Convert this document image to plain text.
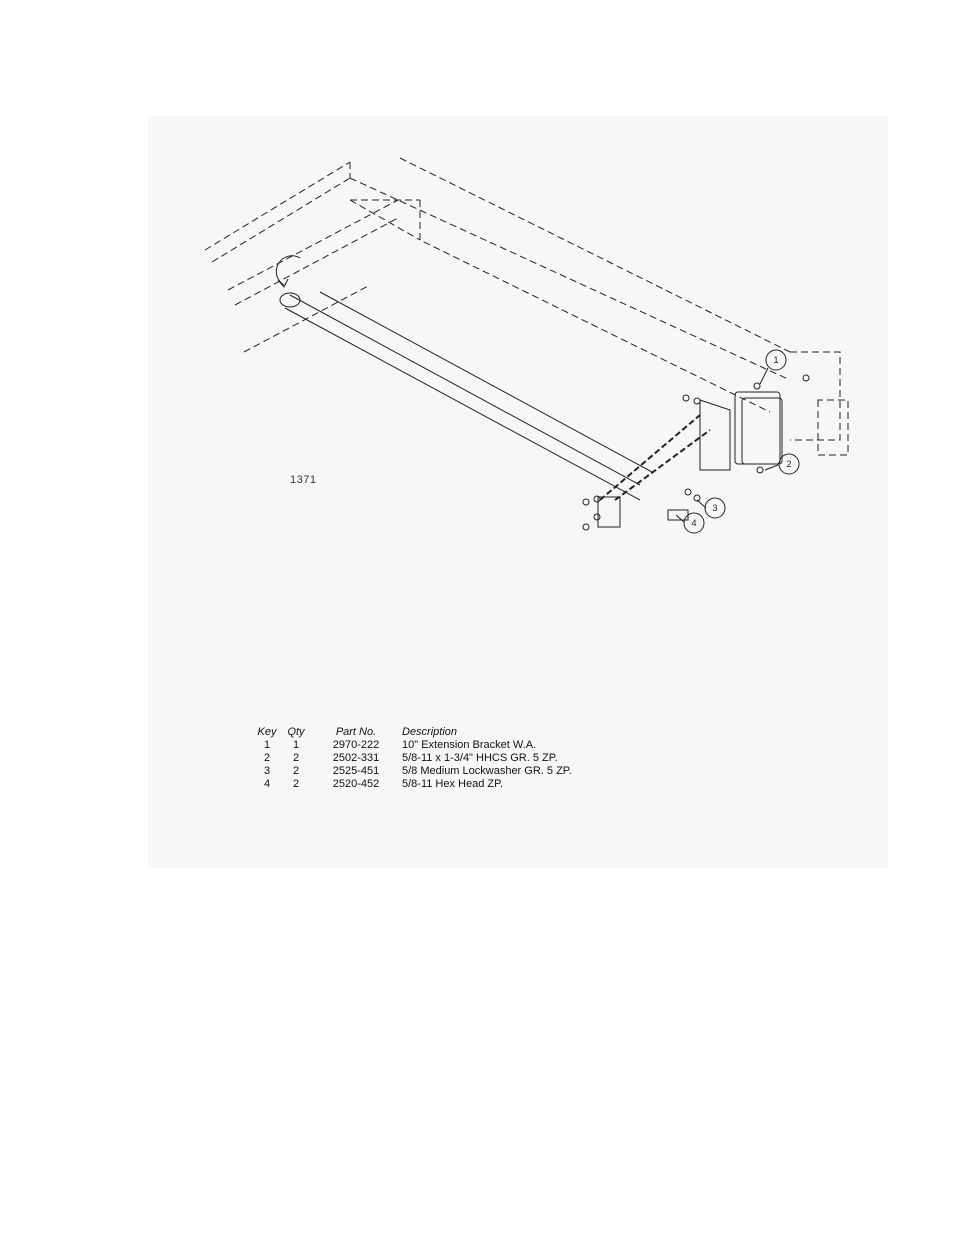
1
2
3
4
1371
Key	Qty	Part No.	Description
1	1	2970-222	10" Extension Bracket W.A.
2	2	2502-331	5/8-11 x 1-3/4" HHCS GR. 5 ZP.
3	2	2525-451	5/8 Medium Lockwasher GR. 5 ZP.
4	2	2520-452	5/8-11 Hex Head ZP.
